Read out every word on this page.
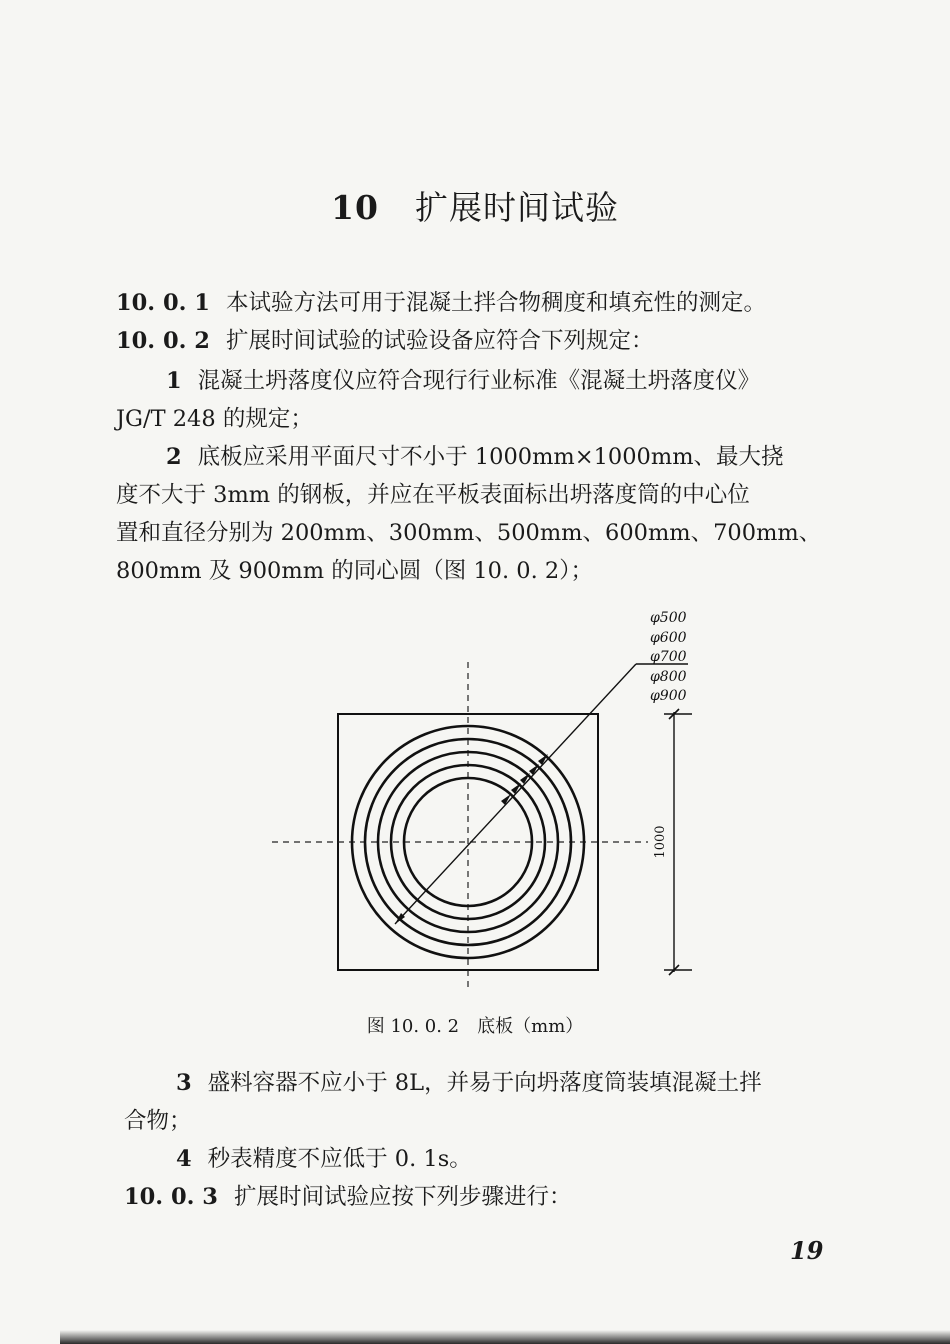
10 扩展时间试验
10. 0. 1 本试验方法可用于混凝土拌合物稠度和填充性的测定。
10. 0. 2 扩展时间试验的试验设备应符合下列规定：
1 混凝土坍落度仪应符合现行行业标准《混凝土坍落度仪》
JG/T 248 的规定；
2 底板应采用平面尺寸不小于 1000mm×1000mm、最大挠
度不大于 3mm 的钢板，并应在平板表面标出坍落度筒的中心位
置和直径分别为 200mm、300mm、500mm、600mm、700mm、
800mm 及 900mm 的同心圆（图 10. 0. 2）；
φ500
φ600
φ700
φ800
φ900
1000
图 10. 0. 2　底板（mm）
3 盛料容器不应小于 8L，并易于向坍落度筒装填混凝土拌
合物；
4 秒表精度不应低于 0. 1s。
10. 0. 3 扩展时间试验应按下列步骤进行：
19
